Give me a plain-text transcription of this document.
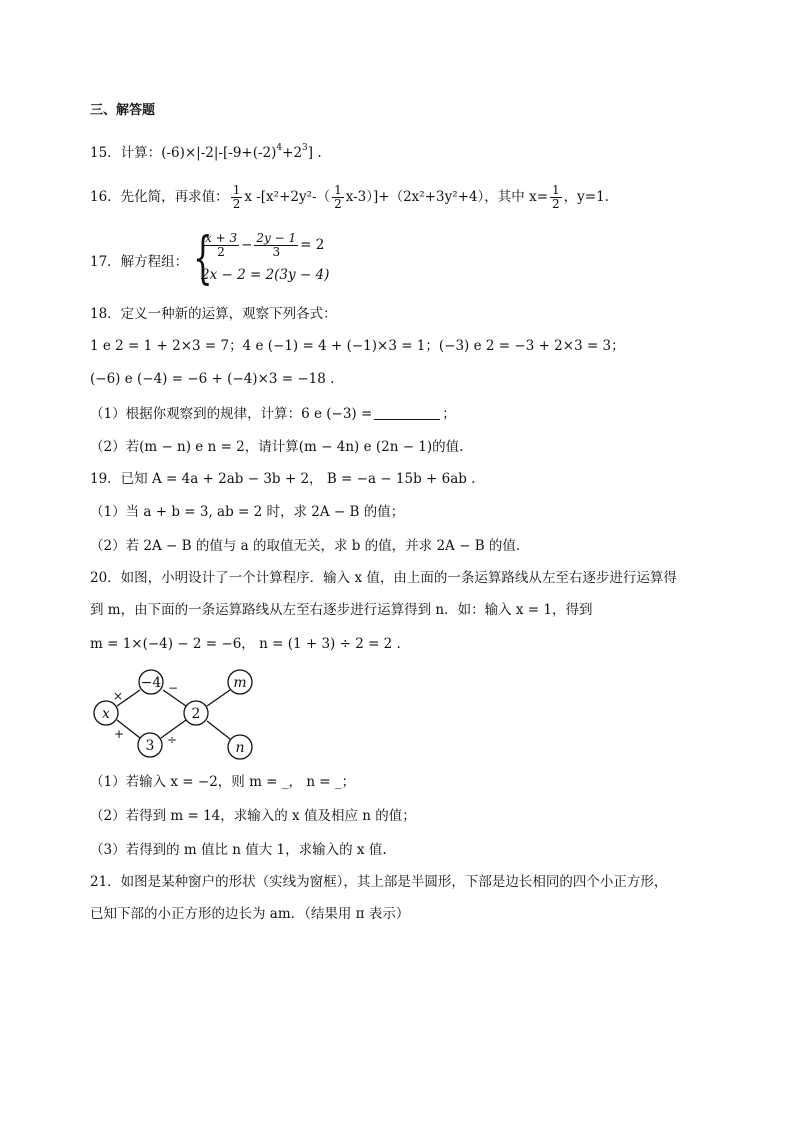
三、解答题
15．计算：$(-6)\times|-2|-[-9+(-2)^4+2^3]$ .
16．先化简，再求值： $\frac{1}{2}$ x $-[x^2+2y^2-( \frac{1}{2} x-3)]+(2x^2+3y^2+4)$，其中 $x= \frac{1}{2}$ ，y=1.
17．解方程组： {
$\frac{x + 3}{2} - \frac{2y - 1}{3} = 2$
2x − 2 = 2(3y − 4)
18．定义一种新的运算，观察下列各式：
1 e 2 = 1 + 2×3 = 7；4 e (−1) = 4 + (−1)×3 = 1；(−3) e 2 = −3 + 2×3 = 3；
(−6) e (−4) = −6 + (−4)×3 = −18 .
（1）根据你观察到的规律，计算：6 e (−3) =	；
（2）若(m − n) e n = 2，请计算(m − 4n) e (2n − 1)的值.
19．已知 A = 4a + 2ab − 3b + 2， B = −a − 15b + 6ab .
（1）当 a + b = 3, ab = 2 时，求 2A − B 的值；
（2）若 2A − B 的值与 a 的取值无关，求 b 的值，并求 2A − B 的值.
20．如图，小明设计了一个计算程序．输入 x 值，由上面的一条运算路线从左至右逐步进行运算得
到 m，由下面的一条运算路线从左至右逐步进行运算得到 n．如：输入 x = 1，得到
m = 1×(−4) − 2 = −6， n = (1 + 3) ÷ 2 = 2 .
x
−4
2
3
m
n
×
−
+	÷
（1）若输入 x = −2，则 m = _， n = _；
（2）若得到 m = 14，求输入的 x 值及相应 n 的值；
（3）若得到的 m 值比 n 值大 1，求输入的 x 值.
21．如图是某种窗户的形状（实线为窗框），其上部是半圆形，下部是边长相同的四个小正方形，
已知下部的小正方形的边长为 am．（结果用 π 表示）
